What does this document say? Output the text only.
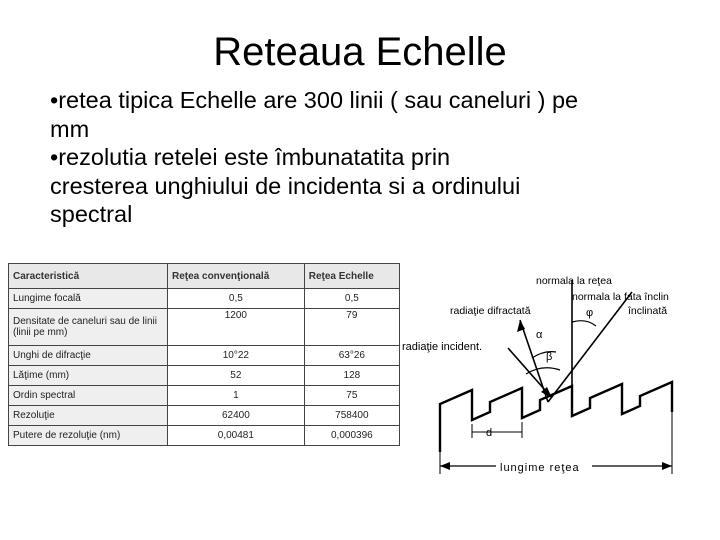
Reteaua Echelle

•retea tipica Echelle are 300 linii ( sau caneluri ) pe

mm

•rezolutia retelei este îmbunatatita prin

cresterea unghiului de incidenta si a ordinului

spectral

Caracteristică	Reţea convenţională	Reţea Echelle
Lungime focală	0,5	0,5
Densitate de caneluri sau de linii (linii pe mm)	1200	79
Unghi de difracţie	10°22	63°26
Lăţime (mm)	52	128
Ordin spectral	1	75
Rezoluţie	62400	758400
Putere de rezoluţie (nm)	0,00481	0,000396
normala la reţea
normala la fata înclin
înclinată
radiaţie difractată
radiaţie incident.
φ
α
β
d
lungime reţea
